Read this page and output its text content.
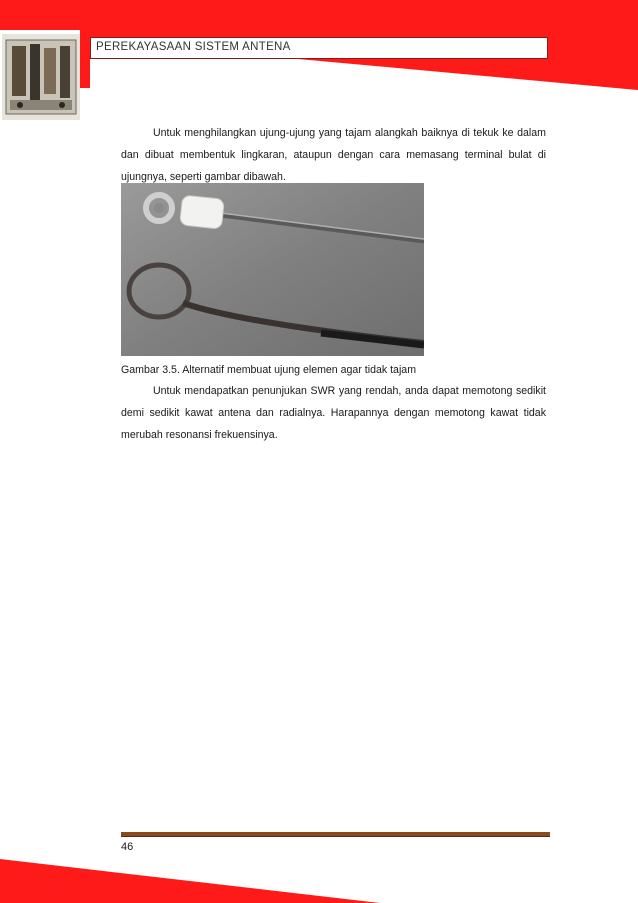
PEREKAYASAAN SISTEM ANTENA

Untuk menghilangkan ujung-ujung yang tajam alangkah baiknya di tekuk ke dalam dan dibuat membentuk lingkaran, ataupun dengan cara memasang terminal bulat di ujungnya, seperti gambar dibawah.

Gambar 3.5. Alternatif membuat ujung elemen agar tidak tajam

Untuk mendapatkan penunjukan SWR yang rendah, anda dapat memotong sedikit demi sedikit kawat antena dan radialnya. Harapannya dengan memotong kawat tidak merubah resonansi frekuensinya.

46
